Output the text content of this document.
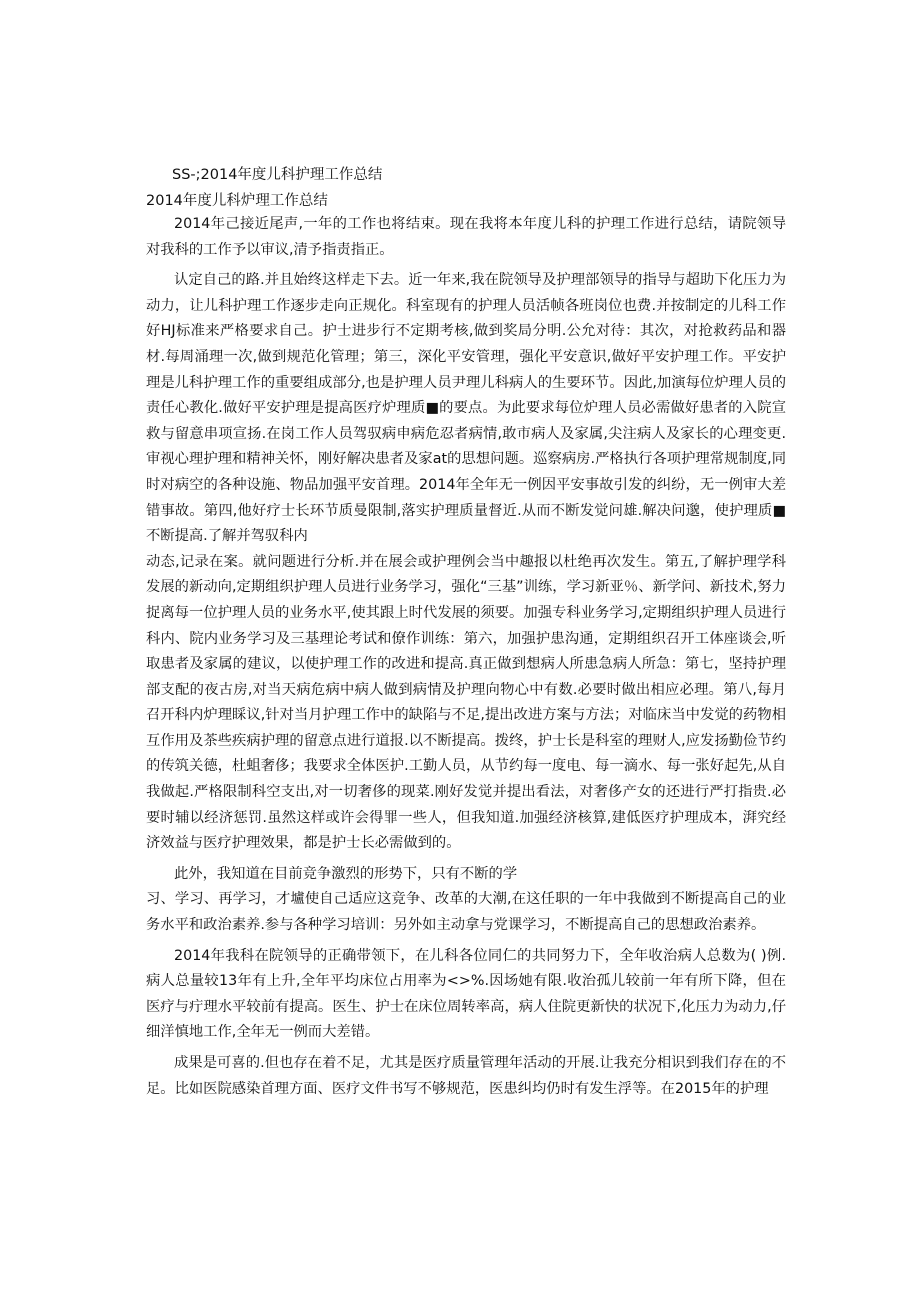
SS-;2014年度儿科护理工作总结

2014年度儿科炉理工作总结

2014年己接近尾声,一年的工作也将结束。现在我将本年度儿科的护理工作进行总结，请院领导对我科的工作予以审议,清予指责指正。

认定自己的路.并且始终这样走下去。近一年来,我在院领导及护理部领导的指导与超助下化压力为动力，让儿科护理工作逐步走向正规化。科室现有的护理人员活帧各班岗位也费.并按制定的儿科工作好HJ标准来严格要求自己。护士进步行不定期考核,做到奖局分明.公允对待：其次，对抢救药品和器材.每周涌理一次,做到规范化管理；第三，深化平安管理，强化平安意识,做好平安护理工作。平安护理是儿科护理工作的重要组成部分,也是护理人员尹理儿科病人的生要环节。因此,加演每位炉理人员的责任心教化.做好平安护理是提高医疗炉理质■的要点。为此要求每位炉理人员必需做好患者的入院宣救与留意串项宣扬.在岗工作人员驾驭病申病危忍者病情,敢市病人及家属,尖注病人及家长的心理变更.审视心理护理和精神关怀，刚好解决患者及家at的思想问题。巡察病房.严格执行各项护理常规制度,同时对病空的各种设施、物品加强平安首理。2014年全年无一例因平安事故引发的纠纷，无一例审大差错事故。第四,他好疗士长环节质曼限制,落实护理质量督近.从而不断发觉问雄.解决问邈，使护理质■不断提高.了解并驾驭科内

动态,记录在案。就问题进行分析.并在展会或护理例会当中趣报以杜绝再次发生。第五,了解护理学科发展的新动向,定期组织护理人员进行业务学习，强化“三基”训练，学习新亚％、新学问、新技术,努力捉离每一位护理人员的业务水平,使其跟上时代发展的须要。加强专科业务学习,定期组织护理人员进行科内、院内业务学习及三基理论考试和僚作训练：第六，加强护患沟通，定期组织召开工体座谈会,听取患者及家属的建议，以使护理工作的改进和提高.真正做到想病人所患急病人所急：第七，坚持护理部支配的夜古房,对当天病危病中病人做到病情及护理向物心中有数.必要时做出相应必理。第八,每月召开科内炉理睬议,针对当月护理工作中的缺陷与不足,提出改进方案与方法；对临床当中发觉的药物相互作用及茶些疾病护理的留意点进行道报.以不断提高。拨终，护士长是科室的理财人,应发扬勤俭节约的传筑关德，杜蛆奢侈；我要求全体医护.工勤人员，从节约每一度电、每一滴水、每一张好起先,从自我做起.严格限制科空支出,对一切奢侈的现菜.刚好发觉并提出看法，对奢侈产女的还进行严打指贵.必要时辅以经济惩罚.虽然这样或许会得罪一些人，但我知道.加强经济核算,建低医疗护理成本，湃究经济效益与医疗护理效果，都是护士长必需做到的。

此外，我知道在目前竞争激烈的形势下，只有不断的学

习、学习、再学习，才壚使自己适应这竞争、改革的大潮,在这任职的一年中我做到不断提高自己的业务水平和政治素养.参与各种学习培训：另外如主动拿与党课学习，不断提高自己的思想政治素养。

2014年我科在院领导的正确带领下，在儿科各位同仁的共同努力下，全年收治病人总数为( )例.病人总量较13年有上升,全年平均床位占用率为<>%.因场她有限.收治孤儿较前一年有所下降，但在医疗与疔理水平较前有提高。医生、护士在床位周转率高，病人住院更新快的状况下,化压力为动力,仔细洋慎地工作,全年无一例而大差错。

成果是可喜的.但也存在着不足，尤其是医疗质量管理年活动的开展.让我充分相识到我们存在的不足。比如医院感染首理方面、医疗文件书写不够规范，医患纠均仍时有发生浮等。在2015年的护理
